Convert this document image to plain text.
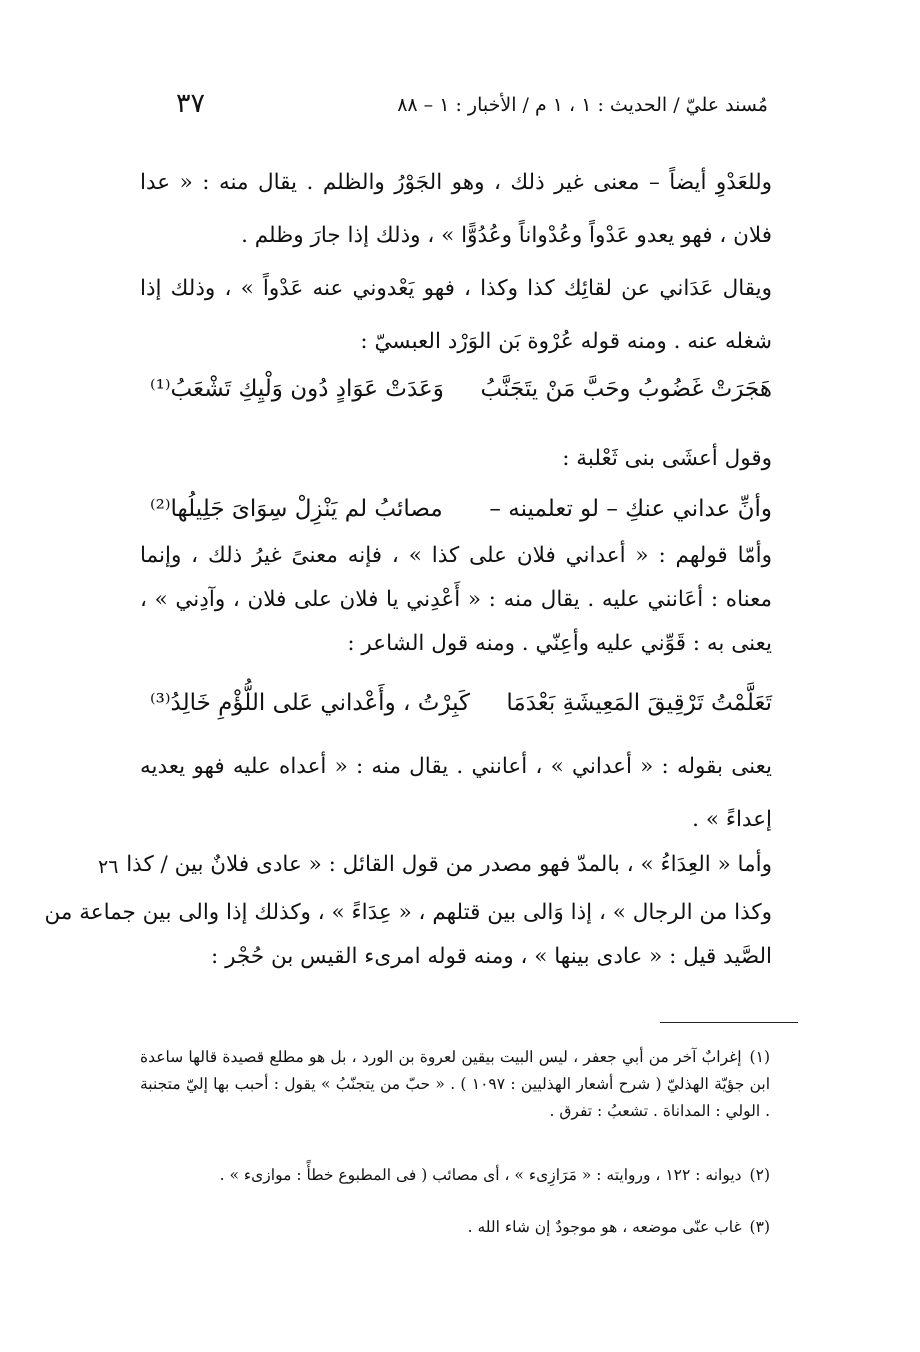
٣٧	مُسند عليّ / الحديث : ١ ، ١ م / الأخبار : ١ – ٨٨
وللعَدْوِ أيضاً – معنى غير ذلك ، وهو الجَوْرُ والظلم . يقال منه : « عدا فلان ، فهو يعدو عَدْواً وعُدْواناً وعُدُوًّا » ، وذلك إذا جارَ وظلم .
ويقال عَدَاني عن لقائِك كذا وكذا ، فهو يَعْدوني عنه عَدْواً » ، وذلك إذا شغله عنه . ومنه قوله عُرْوة بَن الوَرْد العبسيّ :
هَجَرَتْ غَضُوبُ وحَبَّ مَنْ يتَجَنَّبُ
وَعَدَتْ عَوَادٍ دُون وَلْيِكِ تَشْعَبُ⁽¹⁾
وقول أعشَى بنى ثَعْلبة :
وأنِّ عداني عنكِ – لو تعلمينه –
مصائبُ لم يَنْزِلْ سِوَاىَ جَلِيلُها⁽²⁾
وأمّا قولهم : « أعداني فلان على كذا » ، فإنه معنىً غيرُ ذلك ، وإنما معناه : أعَانني عليه . يقال منه : « أَعْدِني يا فلان على فلان ، وآدِني » ، يعنى به : قَوِّني عليه وأعِنّي . ومنه قول الشاعر :
تَعَلَّمْتُ تَرْقِيقَ المَعِيشَةِ بَعْدَمَا
كَبِرْتُ ، وأَعْداني عَلى اللُّؤْمِ خَالِدُ⁽³⁾
يعنى بقوله : « أعداني » ، أعانني . يقال منه : « أعداه عليه فهو يعديه إعداءً » .
٢٦ وأما « العِدَاءُ » ، بالمدّ فهو مصدر من قول القائل : « عادى فلانٌ بين / كذا
وكذا من الرجال » ، إذا وَالى بين قتلهم ، « عِدَاءً » ، وكذلك إذا والى بين جماعة من
الصَّيد قيل : « عادى بينها » ، ومنه قوله امرىء القيس بن حُجْر :
(١)إغرابٌ آخر من أبي جعفر ، ليس البيت بيقين لعروة بن الورد ، بل هو مطلع قصيدة قالها ساعدة ابن جؤيّة الهذليّ ( شرح أشعار الهذليين : ١٠٩٧ ) . « حبّ من يتجنّبُ » يقول : أحبب بها إليّ متجنبة . الولي : المداناة . تشعبُ : تفرق .
(٢)ديوانه : ١٢٢ ، وروايته : « مَرَازِىء » ، أى مصائب ( فى المطبوع خطأً : موازىء » .
(٣)غاب عنّى موضعه ، هو موجودٌ إن شاء الله .
